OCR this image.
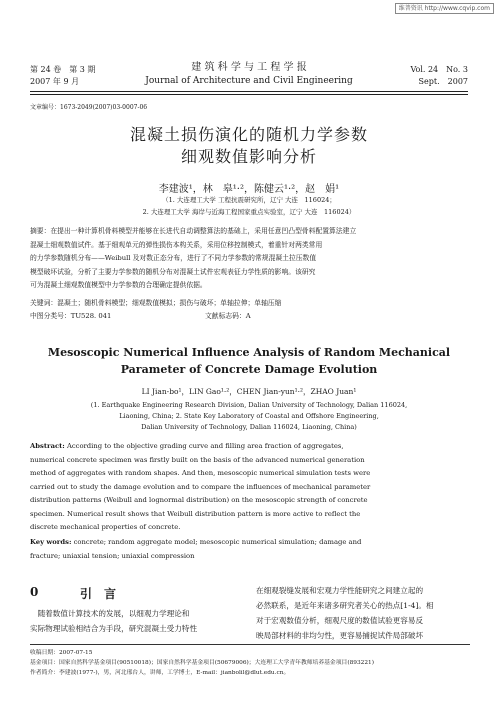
维普资讯 http://www.cqvip.com
第 24 卷　第 3 期
2007 年 9 月
建 筑 科 学 与 工 程 学 报
Journal of Architecture and Civil Engineering
Vol. 24　No. 3
Sept.　2007
文章编号：1673-2049(2007)03-0007-06
混凝土损伤演化的随机力学参数
细观数值影响分析
李建波¹，林　皋¹·²，陈健云¹·²，赵　娟¹
（1. 大连理工大学 工程抗震研究所，辽宁 大连　116024；
2. 大连理工大学 海岸与近海工程国家重点实验室，辽宁 大连　116024）
摘要：在提出一种计算机骨料模型并能够在长进代自动调整算法的基础上，采用任意凹凸型骨料配置算法建立
混凝土细观数值试件。基于细观单元的弹性损伤本构关系，采用位移控制模式，着重针对两类常用
的力学参数随机分布——Weibull 及对数正态分布，进行了不同力学参数的常规混凝土拉压数值
模型破坏试验，分析了主要力学参数的随机分布对混凝土试件宏观表征力学性质的影响。该研究
可为混凝土细观数值模型中力学参数的合理确定提供依据。
关键词：混凝土；随机骨料模型；细观数值模拟；损伤与破坏；单轴拉伸；单轴压缩
中图分类号：TU528. 041	文献标志码：A
Mesoscopic Numerical Influence Analysis of Random Mechanical
Parameter of Concrete Damage Evolution
LI Jian-bo¹，LIN Gao¹·²，CHEN Jian-yun¹·²，ZHAO Juan¹
(1. Earthquake Engineering Research Division, Dalian University of Technology, Dalian 116024,
Liaoning, China; 2. State Key Laboratory of Coastal and Offshore Engineering,
Dalian University of Technology, Dalian 116024, Liaoning, China)
Abstract: According to the objective grading curve and filling area fraction of aggregates,
numerical concrete specimen was firstly built on the basis of the advanced numerical generation
method of aggregates with random shapes. And then, mesoscopic numerical simulation tests were
carried out to study the damage evolution and to compare the influences of mechanical parameter
distribution patterns (Weibull and lognormal distribution) on the mesoscopic strength of concrete
specimen. Numerical result shows that Weibull distribution pattern is more active to reflect the
discrete mechanical properties of concrete.
Key words: concrete; random aggregate model; mesoscopic numerical simulation; damage and
fracture; uniaxial tension; uniaxial compression
0	引　言
　随着数值计算技术的发展，以细观力学理论和
实际物理试验相结合为手段，研究混凝土受力特性
在细观裂缝发展和宏观力学性能研究之间建立起的
必然联系，是近年来诸多研究者关心的热点[1-4]。相
对于宏观数值分析，细观尺度的数值试验更容易反
映局部材料的非均匀性，更容易捕捉试件局部破坏
收稿日期：2007-07-15
基金项目：国家自然科学基金项目(90510018)；国家自然科学基金项目(50679006)；大连理工大学青年教师培养基金项目(893221)
作者简介：李建波(1977-)，男，河北邢台人，讲师，工学博士，E-mail：jianbolil@dlut.edu.cn。
